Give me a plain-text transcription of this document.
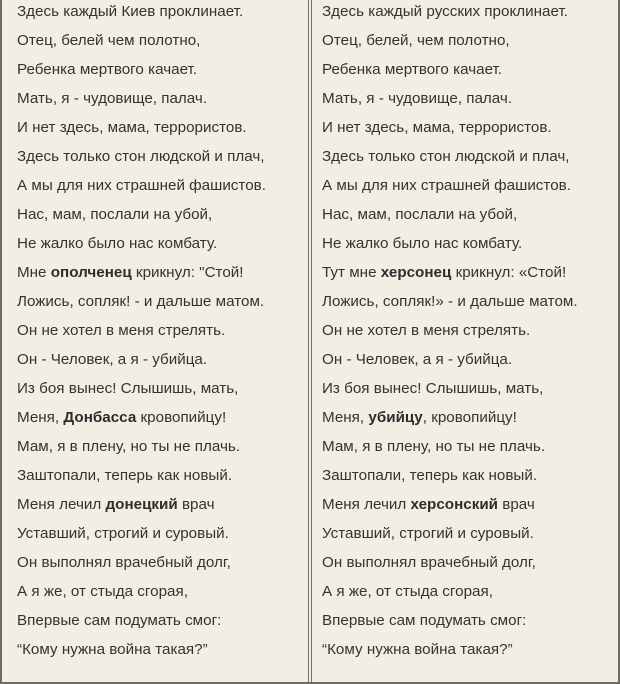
Здесь каждый Киев проклинает.
Отец, белей чем полотно,
Ребенка мертвого качает.
Мать, я - чудовище, палач.
И нет здесь, мама, террористов.
Здесь только стон людской и плач,
А мы для них страшней фашистов.
Нас, мам, послали на убой,
Не жалко было нас комбату.
Мне ополченец крикнул: "Стой!
Ложись, сопляк! - и дальше матом.
Он не хотел в меня стрелять.
Он - Человек, а я - убийца.
Из боя вынес! Слышишь, мать,
Меня, Донбасса кровопийцу!
Мам, я в плену, но ты не плачь.
Заштопали, теперь как новый.
Меня лечил донецкий врач
Уставший, строгий и суровый.
Он выполнял врачебный долг,
А я же, от стыда сгорая,
Впервые сам подумать смог:
“Кому нужна война такая?”
Здесь каждый русских проклинает.
Отец, белей, чем полотно,
Ребенка мертвого качает.
Мать, я - чудовище, палач.
И нет здесь, мама, террористов.
Здесь только стон людской и плач,
А мы для них страшней фашистов.
Нас, мам, послали на убой,
Не жалко было нас комбату.
Тут мне херсонец крикнул: «Стой!
Ложись, сопляк!» - и дальше матом.
Он не хотел в меня стрелять.
Он - Человек, а я - убийца.
Из боя вынес! Слышишь, мать,
Меня, убийцу, кровопийцу!
Мам, я в плену, но ты не плачь.
Заштопали, теперь как новый.
Меня лечил херсонский врач
Уставший, строгий и суровый.
Он выполнял врачебный долг,
А я же, от стыда сгорая,
Впервые сам подумать смог:
“Кому нужна война такая?”
